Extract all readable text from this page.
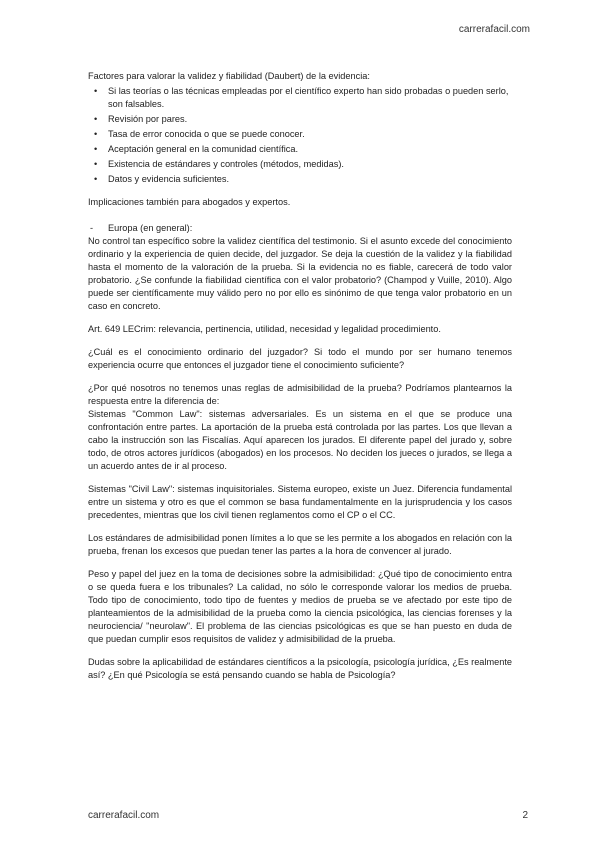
carrerafacil.com

Factores para valorar la validez y fiabilidad (Daubert) de la evidencia:

• Si las teorías o las técnicas empleadas por el científico experto han sido probadas o pueden serlo, son falsables.
• Revisión por pares.
• Tasa de error conocida o que se puede conocer.
• Aceptación general en la comunidad científica.
• Existencia de estándares y controles (métodos, medidas).
• Datos y evidencia suficientes.

Implicaciones también para abogados y expertos.

- Europa (en general):

No control tan específico sobre la validez científica del testimonio. Si el asunto excede del conocimiento ordinario y la experiencia de quien decide, del juzgador. Se deja la cuestión de la validez y la fiabilidad hasta el momento de la valoración de la prueba. Si la evidencia no es fiable, carecerá de todo valor probatorio. ¿Se confunde la fiabilidad científica con el valor probatorio? (Champod y Vuille, 2010). Algo puede ser científicamente muy válido pero no por ello es sinónimo de que tenga valor probatorio en un caso en concreto.

Art. 649 LECrim: relevancia, pertinencia, utilidad, necesidad y legalidad procedimiento.

¿Cuál es el conocimiento ordinario del juzgador? Si todo el mundo por ser humano tenemos experiencia ocurre que entonces el juzgador tiene el conocimiento suficiente?

¿Por qué nosotros no tenemos unas reglas de admisibilidad de la prueba? Podríamos plantearnos la respuesta entre la diferencia de:

Sistemas "Common Law": sistemas adversariales. Es un sistema en el que se produce una confrontación entre partes. La aportación de la prueba está controlada por las partes. Los que llevan a cabo la instrucción son las Fiscalías. Aquí aparecen los jurados. El diferente papel del jurado y, sobre todo, de otros actores jurídicos (abogados) en los procesos. No deciden los jueces o jurados, se llega a un acuerdo antes de ir al proceso.

Sistemas "Civil Law": sistemas inquisitoriales. Sistema europeo, existe un Juez. Diferencia fundamental entre un sistema y otro es que el common se basa fundamentalmente en la jurisprudencia y los casos precedentes, mientras que los civil tienen reglamentos como el CP o el CC.

Los estándares de admisibilidad ponen límites a lo que se les permite a los abogados en relación con la prueba, frenan los excesos que puedan tener las partes a la hora de convencer al jurado.

Peso y papel del juez en la toma de decisiones sobre la admisibilidad: ¿Qué tipo de conocimiento entra o se queda fuera e los tribunales? La calidad, no sólo le corresponde valorar los medios de prueba. Todo tipo de conocimiento, todo tipo de fuentes y medios de prueba se ve afectado por este tipo de planteamientos de la admisibilidad de la prueba como la ciencia psicológica, las ciencias forenses y la neurociencia/ "neurolaw". El problema de las ciencias psicológicas es que se han puesto en duda de que puedan cumplir esos requisitos de validez y admisibilidad de la prueba.

Dudas sobre la aplicabilidad de estándares científicos a la psicología, psicología jurídica, ¿Es realmente así? ¿En qué Psicología se está pensando cuando se habla de Psicología?

carrerafacil.com	2
